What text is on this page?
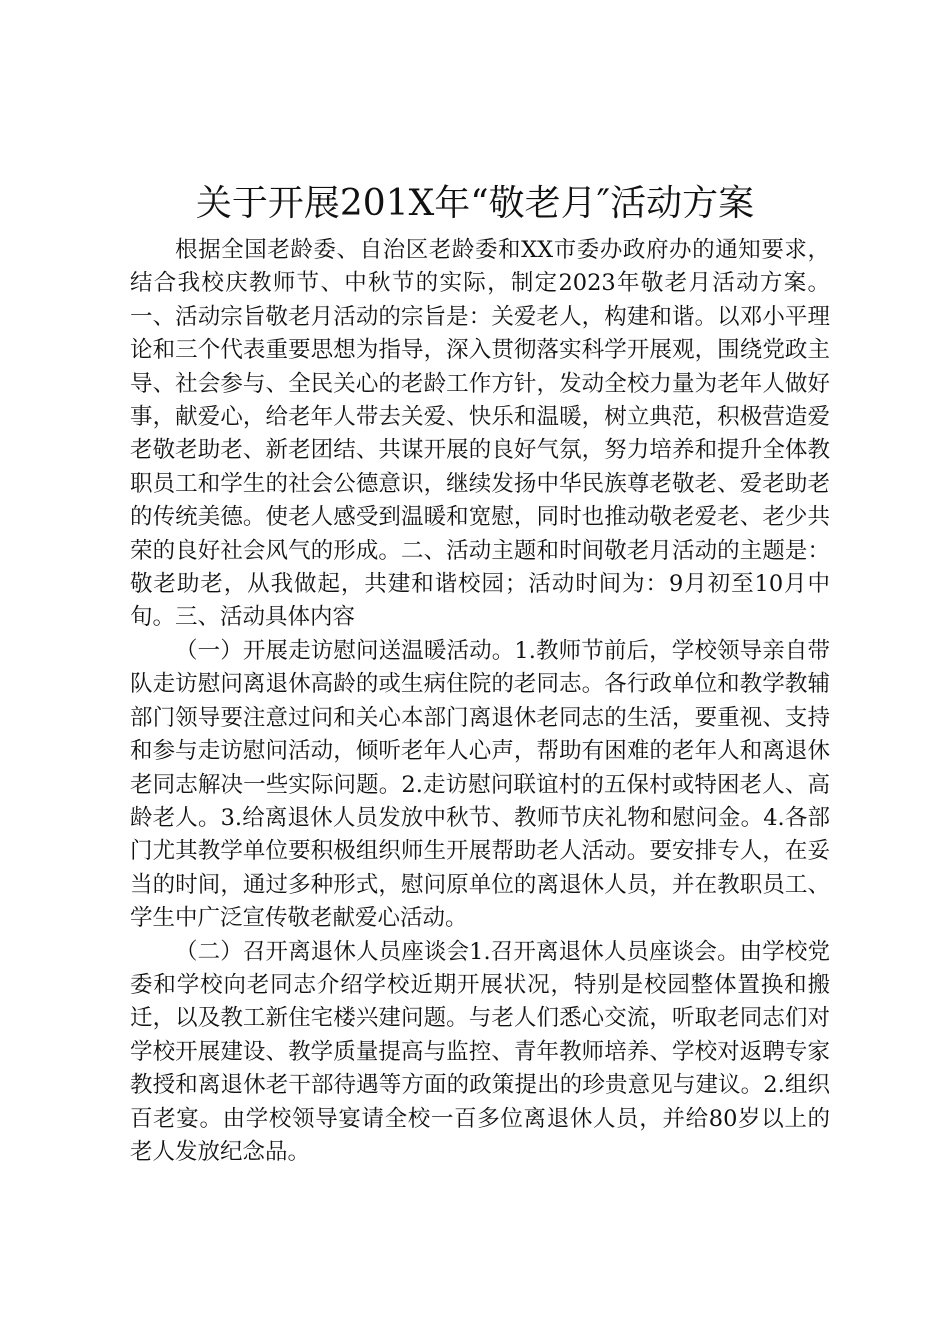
关于开展201X年“敬老月″活动方案

根据全国老龄委、自治区老龄委和XX市委办政府办的通知要求，结合我校庆教师节、中秋节的实际，制定2023年敬老月活动方案。一、活动宗旨敬老月活动的宗旨是：关爱老人，构建和谐。以邓小平理论和三个代表重要思想为指导，深入贯彻落实科学开展观，围绕党政主导、社会参与、全民关心的老龄工作方针，发动全校力量为老年人做好事，献爱心，给老年人带去关爱、快乐和温暖，树立典范，积极营造爱老敬老助老、新老团结、共谋开展的良好气氛，努力培养和提升全体教职员工和学生的社会公德意识，继续发扬中华民族尊老敬老、爱老助老的传统美德。使老人感受到温暖和宽慰，同时也推动敬老爱老、老少共荣的良好社会风气的形成。二、活动主题和时间敬老月活动的主题是：敬老助老，从我做起，共建和谐校园；活动时间为：9月初至10月中旬。三、活动具体内容

（一）开展走访慰问送温暖活动。1.教师节前后，学校领导亲自带队走访慰问离退休高龄的或生病住院的老同志。各行政单位和教学教辅部门领导要注意过问和关心本部门离退休老同志的生活，要重视、支持和参与走访慰问活动，倾听老年人心声，帮助有困难的老年人和离退休老同志解决一些实际问题。2.走访慰问联谊村的五保村或特困老人、高龄老人。3.给离退休人员发放中秋节、教师节庆礼物和慰问金。4.各部门尤其教学单位要积极组织师生开展帮助老人活动。要安排专人，在妥当的时间，通过多种形式，慰问原单位的离退休人员，并在教职员工、学生中广泛宣传敬老献爱心活动。

（二）召开离退休人员座谈会1.召开离退休人员座谈会。由学校党委和学校向老同志介绍学校近期开展状况，特别是校园整体置换和搬迁，以及教工新住宅楼兴建问题。与老人们悉心交流，听取老同志们对学校开展建设、教学质量提高与监控、青年教师培养、学校对返聘专家教授和离退休老干部待遇等方面的政策提出的珍贵意见与建议。2.组织百老宴。由学校领导宴请全校一百多位离退休人员，并给80岁以上的老人发放纪念品。
